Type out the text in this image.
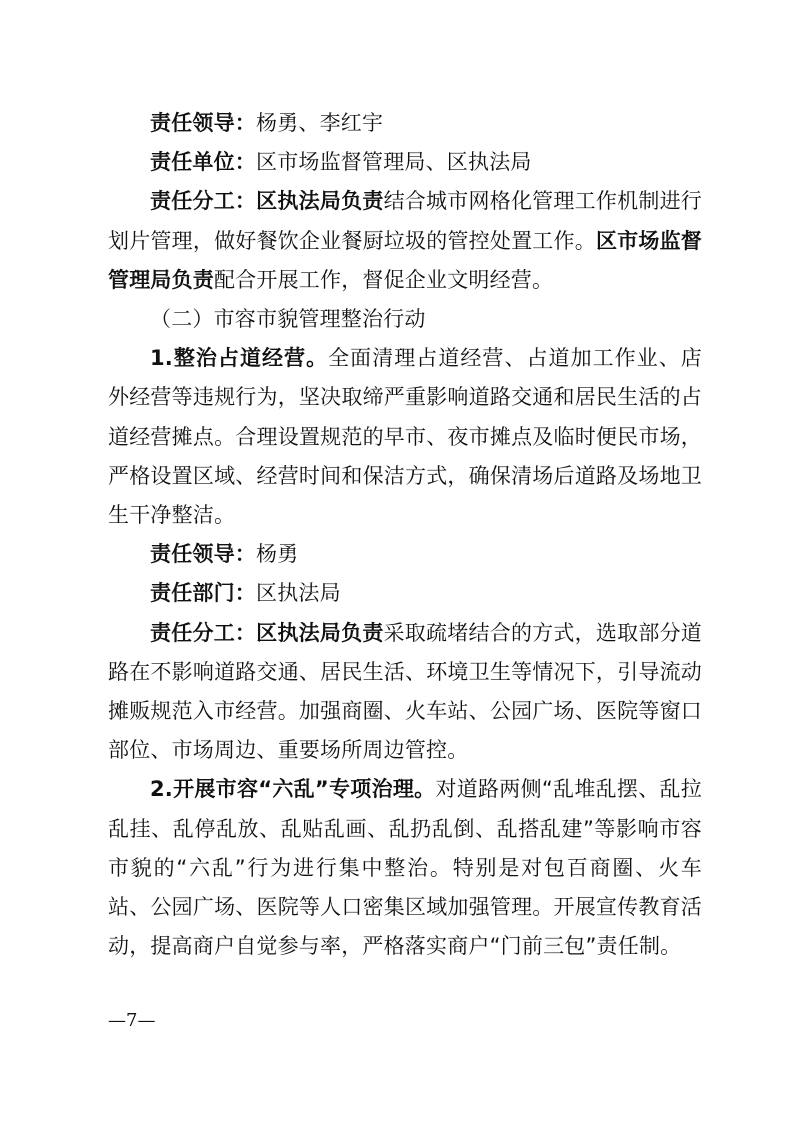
责任领导：杨勇、李红宇

责任单位：区市场监督管理局、区执法局

责任分工：区执法局负责结合城市网格化管理工作机制进行划片管理，做好餐饮企业餐厨垃圾的管控处置工作。区市场监督管理局负责配合开展工作，督促企业文明经营。

（二）市容市貌管理整治行动

1.整治占道经营。全面清理占道经营、占道加工作业、店外经营等违规行为，坚决取缔严重影响道路交通和居民生活的占道经营摊点。合理设置规范的早市、夜市摊点及临时便民市场，严格设置区域、经营时间和保洁方式，确保清场后道路及场地卫生干净整洁。

责任领导：杨勇

责任部门：区执法局

责任分工：区执法局负责采取疏堵结合的方式，选取部分道路在不影响道路交通、居民生活、环境卫生等情况下，引导流动摊贩规范入市经营。加强商圈、火车站、公园广场、医院等窗口部位、市场周边、重要场所周边管控。

2.开展市容“六乱”专项治理。对道路两侧“乱堆乱摆、乱拉乱挂、乱停乱放、乱贴乱画、乱扔乱倒、乱搭乱建”等影响市容市貌的“六乱”行为进行集中整治。特别是对包百商圈、火车站、公园广场、医院等人口密集区域加强管理。开展宣传教育活动，提高商户自觉参与率，严格落实商户“门前三包”责任制。

—7—
